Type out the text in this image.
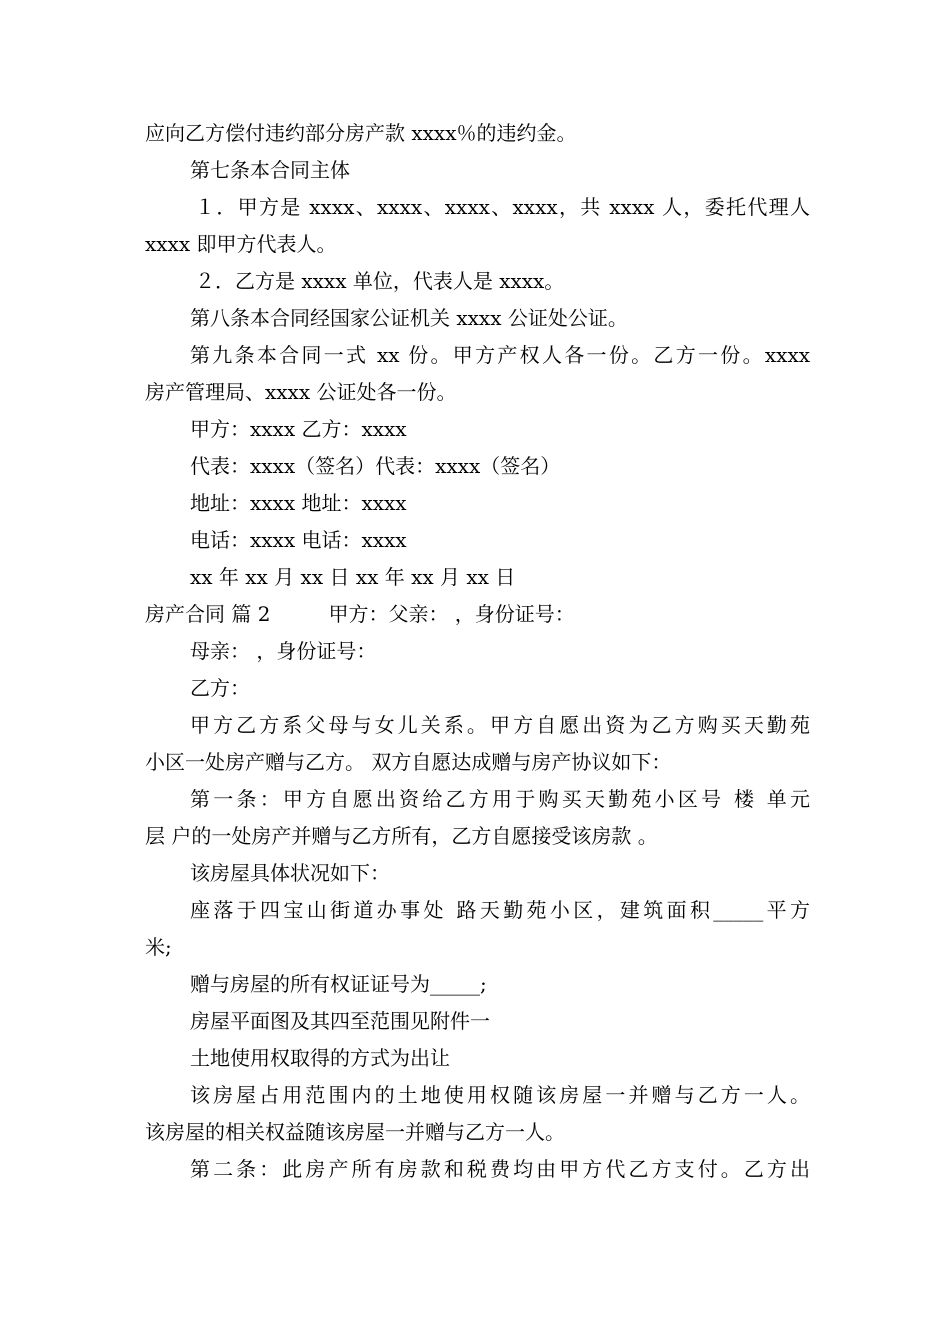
应向乙方偿付违约部分房产款 xxxx％的违约金。
第七条本合同主体
１．甲方是 xxxx、xxxx、xxxx、xxxx，共 xxxx 人，委托代理人
xxxx 即甲方代表人。
２．乙方是 xxxx 单位，代表人是 xxxx。
第八条本合同经国家公证机关 xxxx 公证处公证。
第九条本合同一式 xx 份。甲方产权人各一份。乙方一份。xxxx
房产管理局、xxxx 公证处各一份。
甲方：xxxx 乙方：xxxx
代表：xxxx（签名）代表：xxxx（签名）
地址：xxxx 地址：xxxx
电话：xxxx 电话：xxxx
xx 年 xx 月 xx 日 xx 年 xx 月 xx 日
房产合同 篇 2	甲方：父亲： ，身份证号：
母亲： ，身份证号：
乙方：
甲方乙方系父母与女儿关系。甲方自愿出资为乙方购买天勤苑
小区一处房产赠与乙方。 双方自愿达成赠与房产协议如下：
第一条：甲方自愿出资给乙方用于购买天勤苑小区号 楼 单元
层 户的一处房产并赠与乙方所有，乙方自愿接受该房款 。
该房屋具体状况如下：
座落于四宝山街道办事处 路天勤苑小区，建筑面积_____平方
米;
赠与房屋的所有权证证号为_____;
房屋平面图及其四至范围见附件一
土地使用权取得的方式为出让
该房屋占用范围内的土地使用权随该房屋一并赠与乙方一人。
该房屋的相关权益随该房屋一并赠与乙方一人。
第二条：此房产所有房款和税费均由甲方代乙方支付。乙方出
